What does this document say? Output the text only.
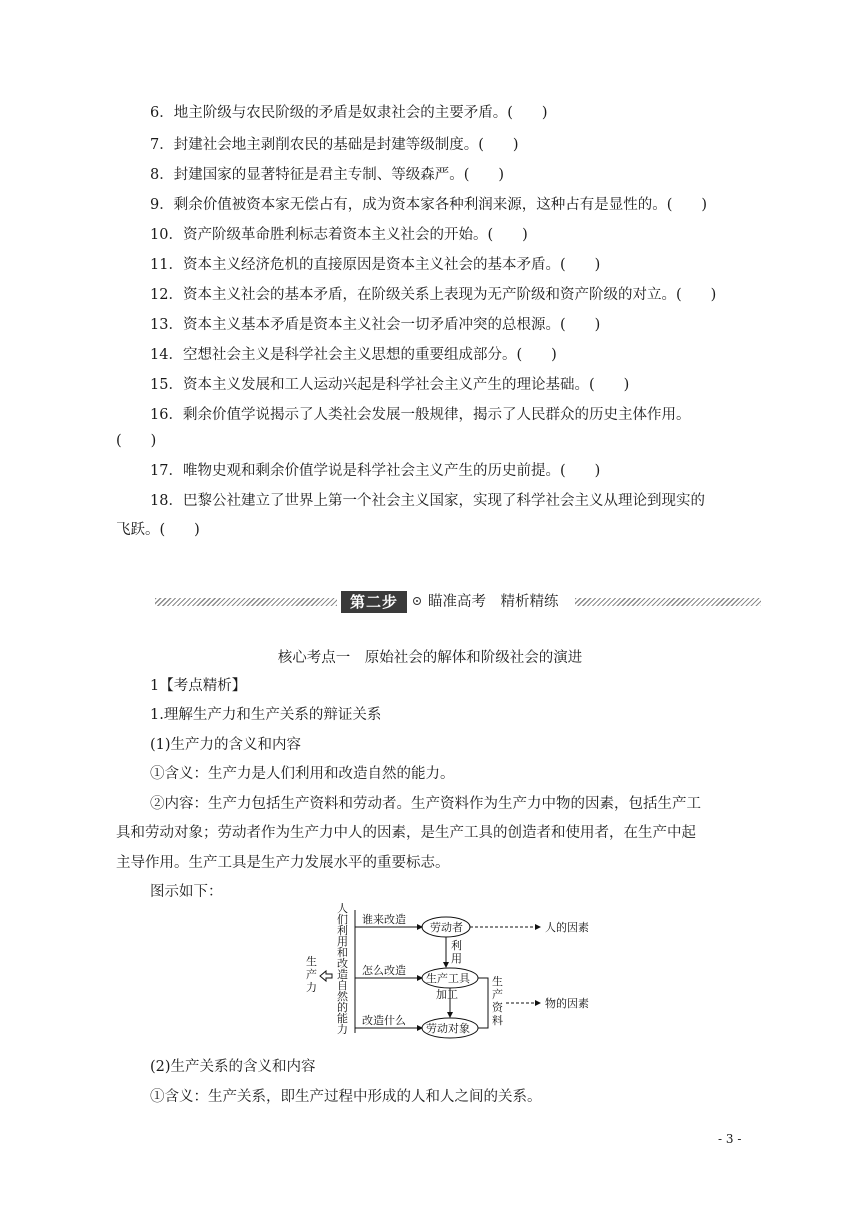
6．地主阶级与农民阶级的矛盾是奴隶社会的主要矛盾。(　　)
7．封建社会地主剥削农民的基础是封建等级制度。(　　)
8．封建国家的显著特征是君主专制、等级森严。(　　)
9．剩余价值被资本家无偿占有，成为资本家各种利润来源，这种占有是显性的。(　　)
10．资产阶级革命胜利标志着资本主义社会的开始。(　　)
11．资本主义经济危机的直接原因是资本主义社会的基本矛盾。(　　)
12．资本主义社会的基本矛盾，在阶级关系上表现为无产阶级和资产阶级的对立。(　　)
13．资本主义基本矛盾是资本主义社会一切矛盾冲突的总根源。(　　)
14．空想社会主义是科学社会主义思想的重要组成部分。(　　)
15．资本主义发展和工人运动兴起是科学社会主义产生的理论基础。(　　)
16．剩余价值学说揭示了人类社会发展一般规律，揭示了人民群众的历史主体作用。
(　　)
17．唯物史观和剩余价值学说是科学社会主义产生的历史前提。(　　)
18．巴黎公社建立了世界上第一个社会主义国家，实现了科学社会主义从理论到现实的
飞跃。(　　)
第二步	瞄准高考　精析精练
核心考点一　原始社会的解体和阶级社会的演进
1【考点精析】
1.理解生产力和生产关系的辩证关系
(1)生产力的含义和内容
①含义：生产力是人们利用和改造自然的能力。
②内容：生产力包括生产资料和劳动者。生产资料作为生产力中物的因素，包括生产工
具和劳动对象；劳动者作为生产力中人的因素，是生产工具的创造者和使用者，在生产中起
主导作用。生产工具是生产力发展水平的重要标志。
图示如下：
生
产
力
人
们
利
用
和
改
造
自
然
的
能
力
谁来改造
怎么改造
改造什么
劳动者
生产工具
劳动对象
利
用
加工
人的因素
生
产
资
料
物的因素
(2)生产关系的含义和内容
①含义：生产关系，即生产过程中形成的人和人之间的关系。
- 3 -
